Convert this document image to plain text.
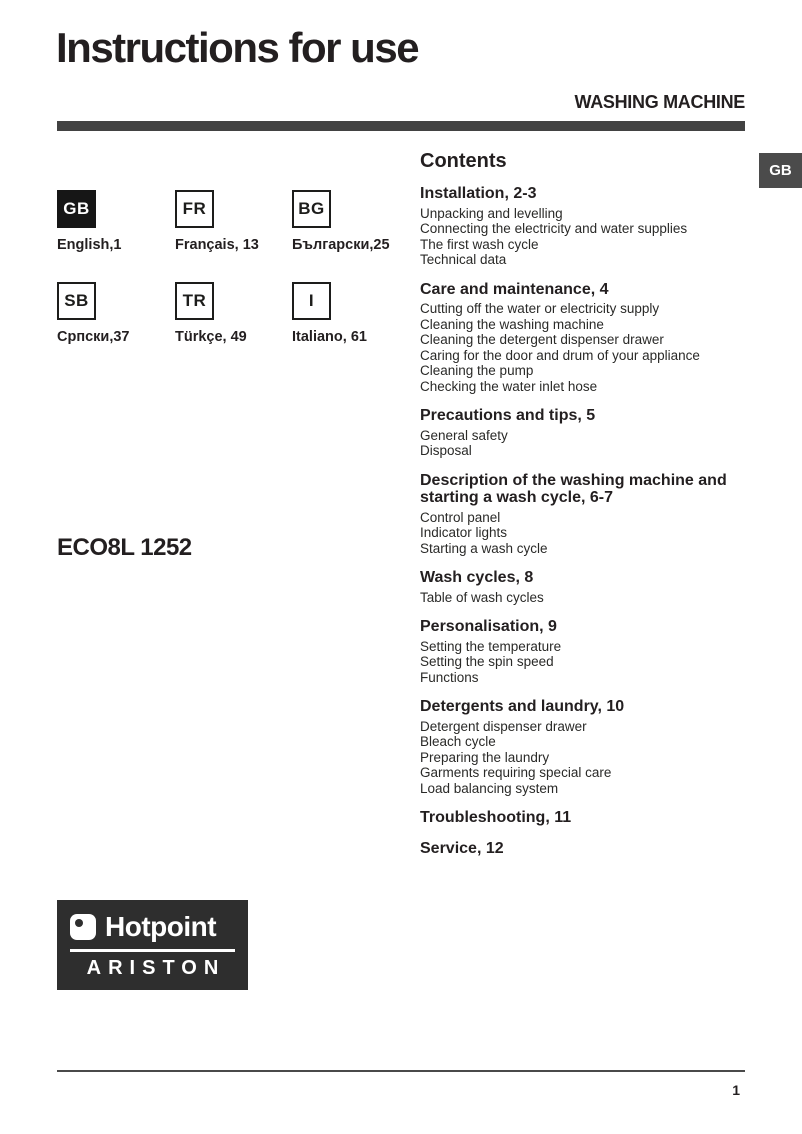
Instructions for use
WASHING MACHINE
GB
GB
English,1
FR
Français, 13
BG
Български,25
SB
Српски,37
TR
Türkçe, 49
I
Italiano, 61
ECO8L 1252
Contents
Installation, 2-3
Unpacking and levelling
Connecting the electricity and water supplies
The first wash cycle
Technical data
Care and maintenance, 4
Cutting off the water or electricity supply
Cleaning the washing machine
Cleaning the detergent dispenser drawer
Caring for the door and drum of your appliance
Cleaning the pump
Checking the water inlet hose
Precautions and tips, 5
General safety
Disposal
Description of the washing machine and starting a wash cycle, 6-7
Control panel
Indicator lights
Starting a wash cycle
Wash cycles, 8
Table of wash cycles
Personalisation, 9
Setting the temperature
Setting the spin speed
Functions
Detergents and laundry, 10
Detergent dispenser drawer
Bleach cycle
Preparing the laundry
Garments requiring special care
Load balancing system
Troubleshooting, 11
Service, 12
Hotpoint
ARISTON
1
